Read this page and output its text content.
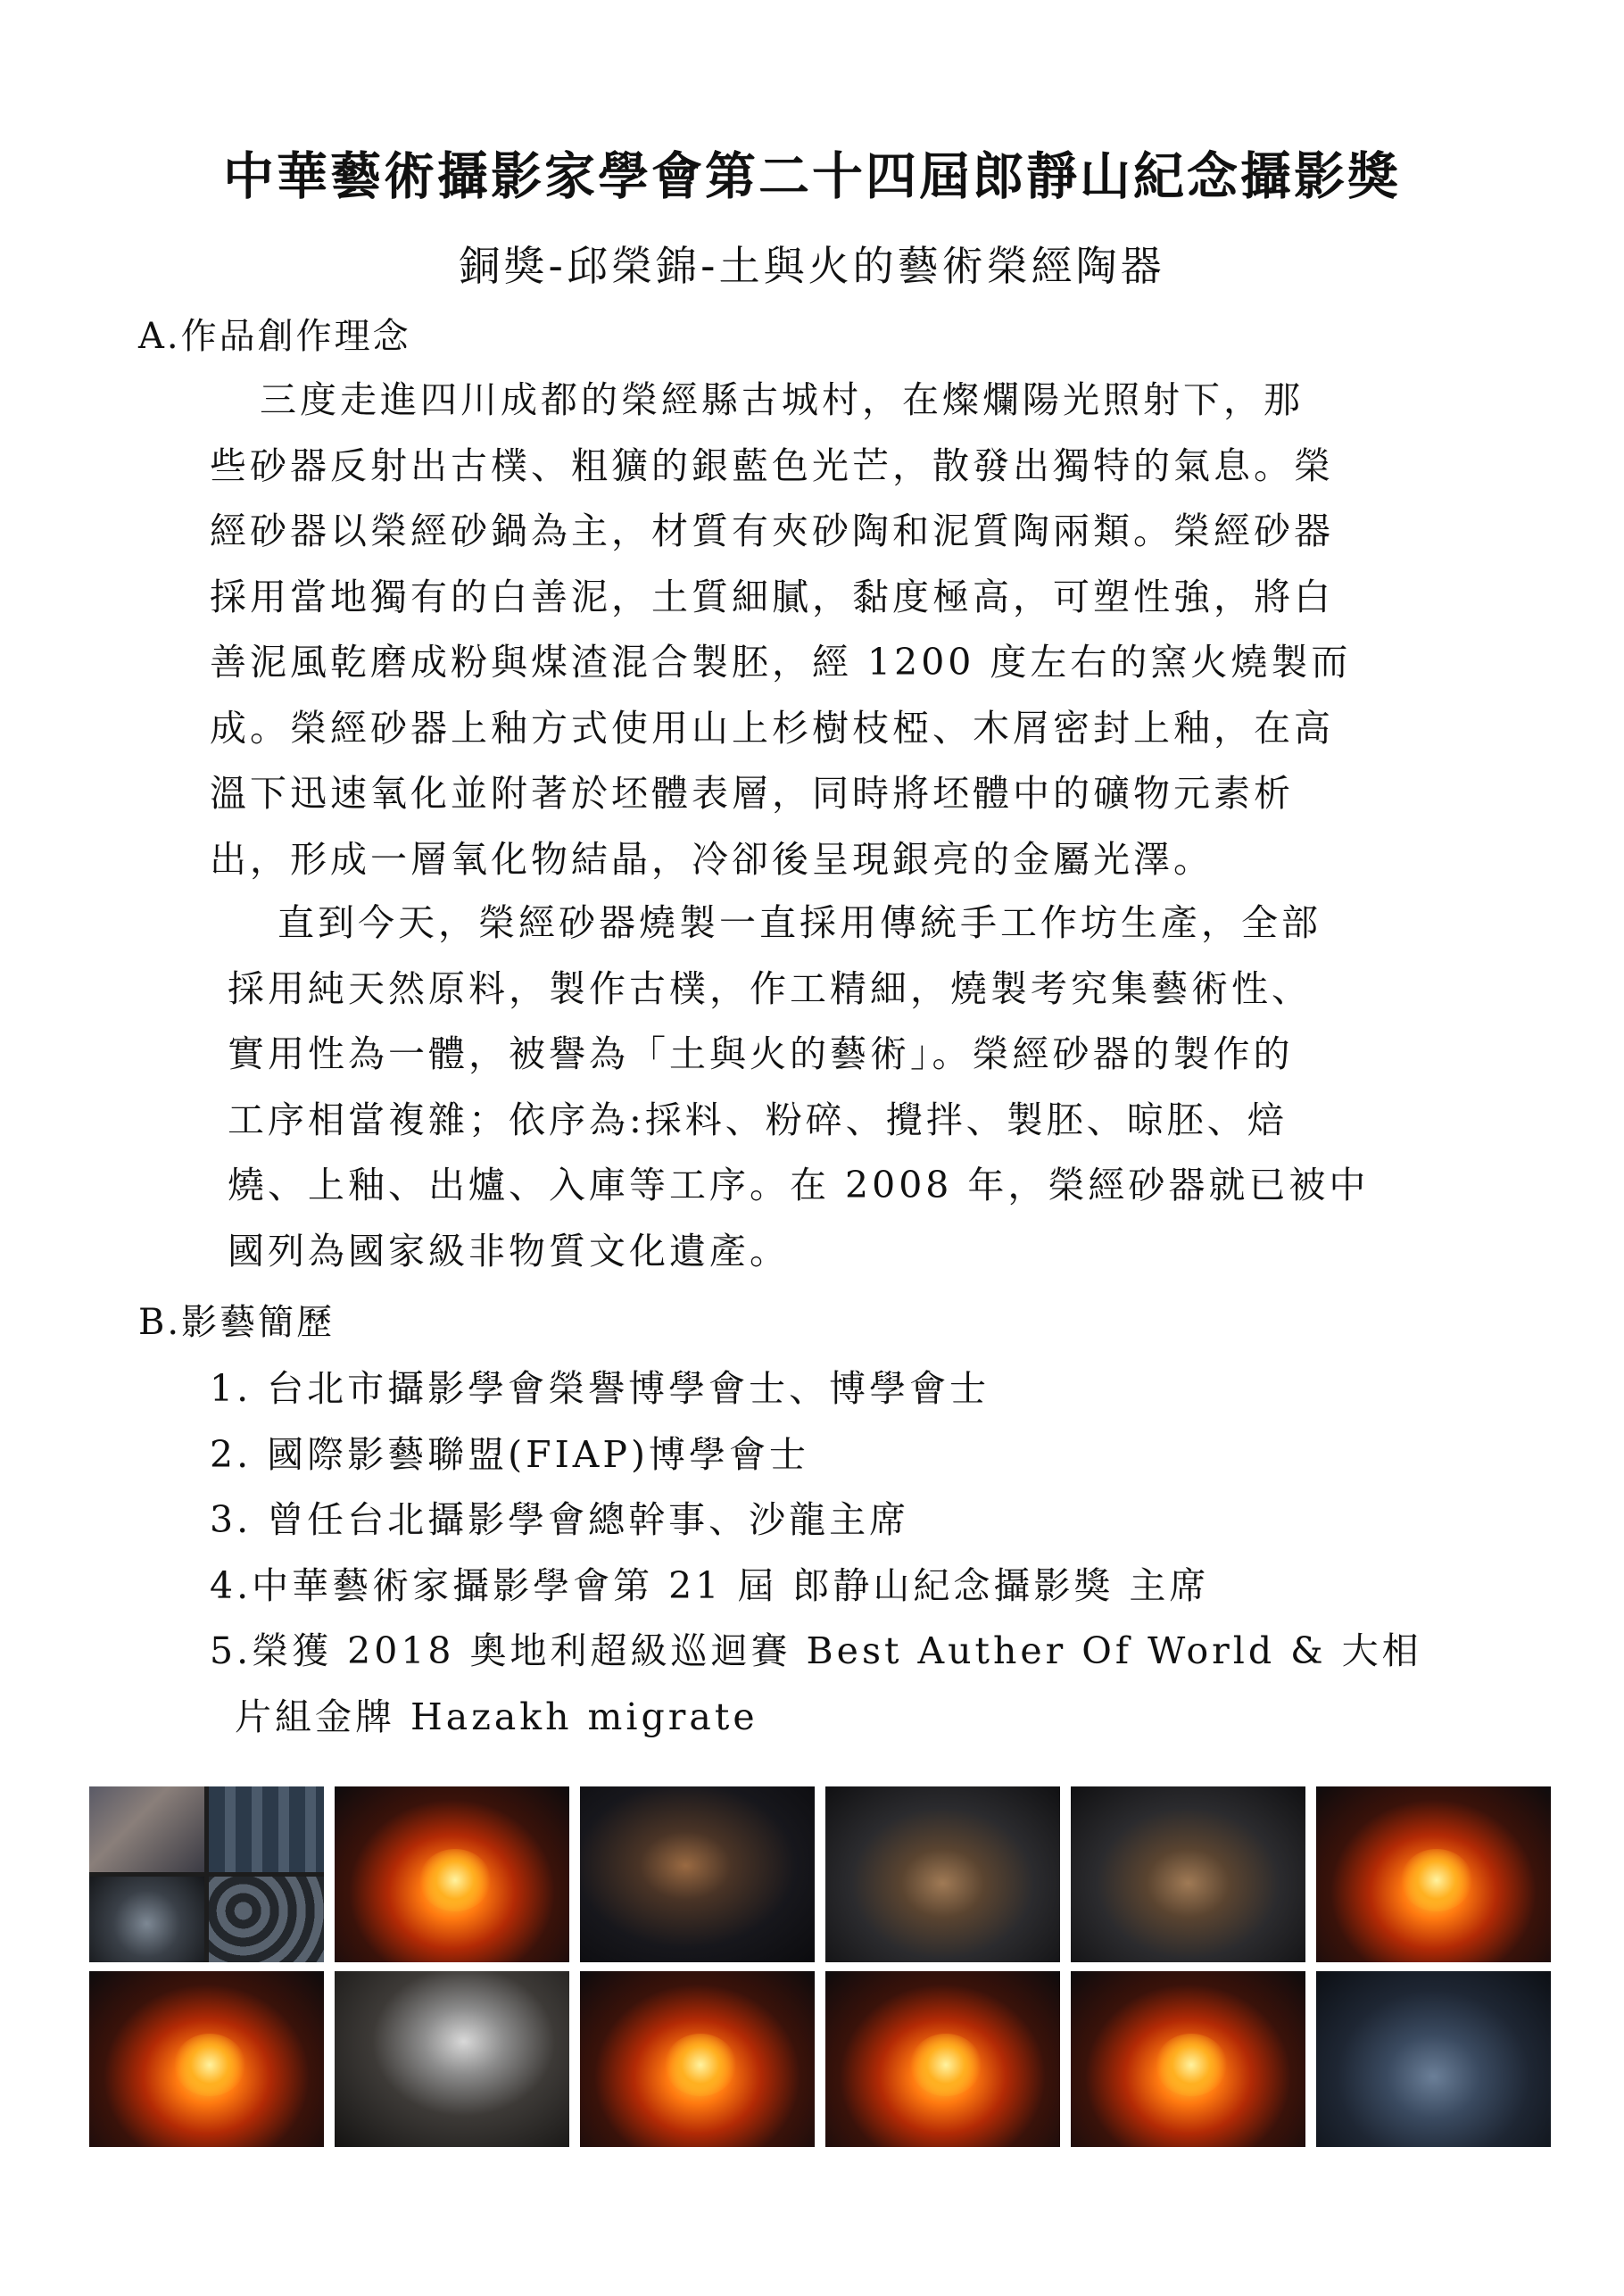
中華藝術攝影家學會第二十四屆郎靜山紀念攝影獎
銅獎-邱榮錦-土與火的藝術榮經陶器
A.作品創作理念
三度走進四川成都的榮經縣古城村，在燦爛陽光照射下，那
些砂器反射出古樸、粗獷的銀藍色光芒，散發出獨特的氣息。榮
經砂器以榮經砂鍋為主，材質有夾砂陶和泥質陶兩類。榮經砂器
採用當地獨有的白善泥，土質細膩，黏度極高，可塑性強，將白
善泥風乾磨成粉與煤渣混合製胚，經 1200 度左右的窯火燒製而
成。榮經砂器上釉方式使用山上杉樹枝椏、木屑密封上釉，在高
溫下迅速氧化並附著於坯體表層，同時將坯體中的礦物元素析
出，形成一層氧化物結晶，冷卻後呈現銀亮的金屬光澤。
直到今天，榮經砂器燒製一直採用傳統手工作坊生產，全部
採用純天然原料，製作古樸，作工精細，燒製考究集藝術性、
實用性為一體，被譽為「土與火的藝術」。榮經砂器的製作的
工序相當複雜；依序為:採料、粉碎、攪拌、製胚、晾胚、焙
燒、上釉、出爐、入庫等工序。在 2008 年，榮經砂器就已被中
國列為國家級非物質文化遺產。
B.影藝簡歷
1. 台北市攝影學會榮譽博學會士、博學會士
2. 國際影藝聯盟(FIAP)博學會士
3. 曾任台北攝影學會總幹事、沙龍主席
4.中華藝術家攝影學會第 21 屆 郎静山紀念攝影獎 主席
5.榮獲 2018 奧地利超級巡迴賽 Best Auther Of World & 大相
片組金牌 Hazakh migrate
